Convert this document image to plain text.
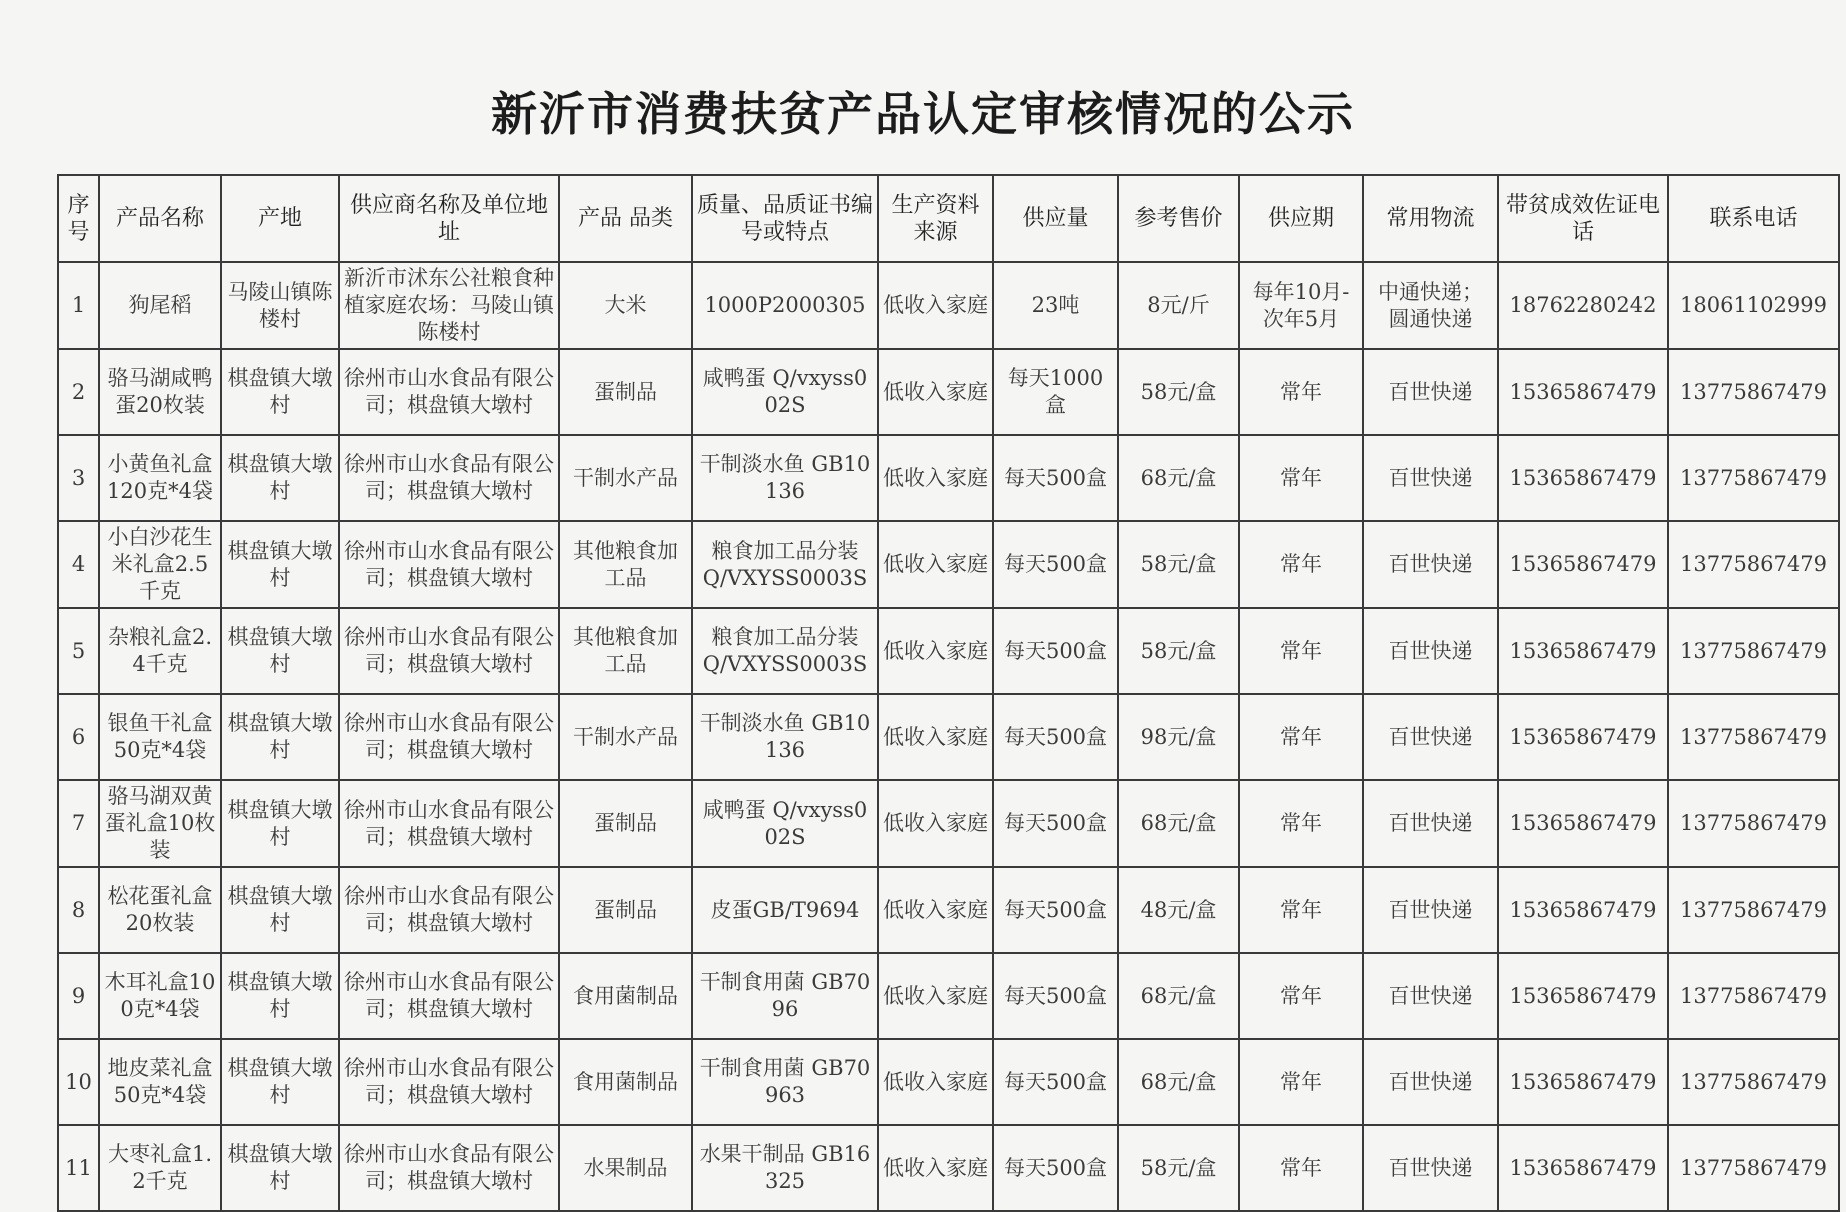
新沂市消费扶贫产品认定审核情况的公示
序号	产品名称	产地	供应商名称及单位地址	产品 品类	质量、品质证书编号或特点	生产资料来源	供应量	参考售价	供应期	常用物流	带贫成效佐证电话	联系电话
1	狗尾稻	马陵山镇陈楼村	新沂市沭东公社粮食种植家庭农场：马陵山镇陈楼村	大米	1000P2000305	低收入家庭	23吨	8元/斤	每年10月-次年5月	中通快递；圆通快递	18762280242	18061102999
2	骆马湖咸鸭蛋20枚装	棋盘镇大墩村	徐州市山水食品有限公司；棋盘镇大墩村	蛋制品	咸鸭蛋 Q/vxyss002S	低收入家庭	每天1000盒	58元/盒	常年	百世快递	15365867479	13775867479
3	小黄鱼礼盒120克*4袋	棋盘镇大墩村	徐州市山水食品有限公司；棋盘镇大墩村	干制水产品	干制淡水鱼 GB10136	低收入家庭	每天500盒	68元/盒	常年	百世快递	15365867479	13775867479
4	小白沙花生米礼盒2.5千克	棋盘镇大墩村	徐州市山水食品有限公司；棋盘镇大墩村	其他粮食加工品	粮食加工品分装 Q/VXYSS0003S	低收入家庭	每天500盒	58元/盒	常年	百世快递	15365867479	13775867479
5	杂粮礼盒2.4千克	棋盘镇大墩村	徐州市山水食品有限公司；棋盘镇大墩村	其他粮食加工品	粮食加工品分装 Q/VXYSS0003S	低收入家庭	每天500盒	58元/盒	常年	百世快递	15365867479	13775867479
6	银鱼干礼盒50克*4袋	棋盘镇大墩村	徐州市山水食品有限公司；棋盘镇大墩村	干制水产品	干制淡水鱼 GB10136	低收入家庭	每天500盒	98元/盒	常年	百世快递	15365867479	13775867479
7	骆马湖双黄蛋礼盒10枚装	棋盘镇大墩村	徐州市山水食品有限公司；棋盘镇大墩村	蛋制品	咸鸭蛋 Q/vxyss002S	低收入家庭	每天500盒	68元/盒	常年	百世快递	15365867479	13775867479
8	松花蛋礼盒20枚装	棋盘镇大墩村	徐州市山水食品有限公司；棋盘镇大墩村	蛋制品	皮蛋GB/T9694	低收入家庭	每天500盒	48元/盒	常年	百世快递	15365867479	13775867479
9	木耳礼盒100克*4袋	棋盘镇大墩村	徐州市山水食品有限公司；棋盘镇大墩村	食用菌制品	干制食用菌 GB7096	低收入家庭	每天500盒	68元/盒	常年	百世快递	15365867479	13775867479
10	地皮菜礼盒50克*4袋	棋盘镇大墩村	徐州市山水食品有限公司；棋盘镇大墩村	食用菌制品	干制食用菌 GB70963	低收入家庭	每天500盒	68元/盒	常年	百世快递	15365867479	13775867479
11	大枣礼盒1.2千克	棋盘镇大墩村	徐州市山水食品有限公司；棋盘镇大墩村	水果制品	水果干制品 GB16325	低收入家庭	每天500盒	58元/盒	常年	百世快递	15365867479	13775867479
